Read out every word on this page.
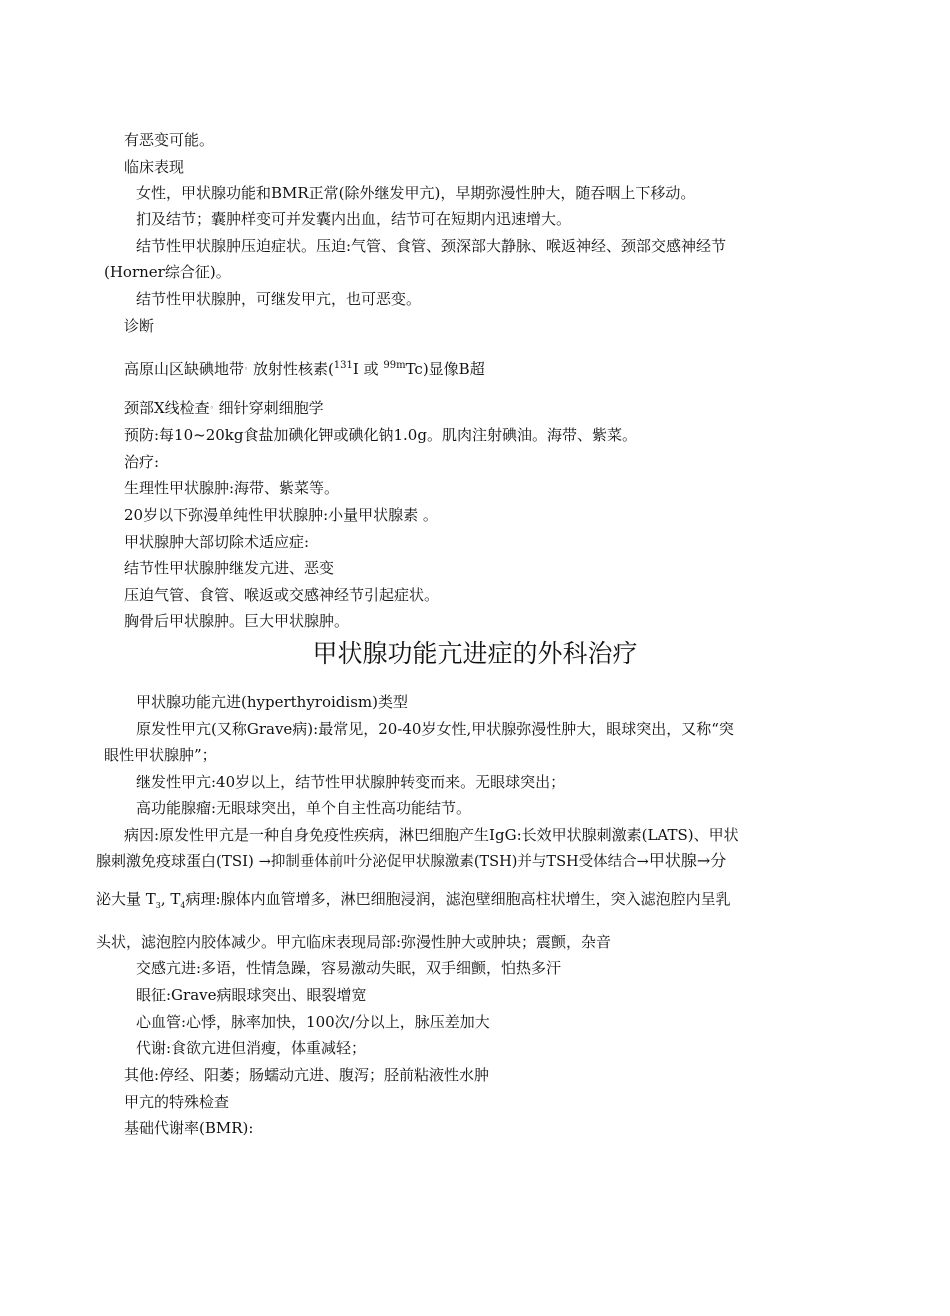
有恶变可能。
临床表现
女性，甲状腺功能和BMR正常(除外继发甲亢)，早期弥漫性肿大，随吞咽上下移动。
扪及结节；囊肿样变可并发囊内出血，结节可在短期内迅速增大。
结节性甲状腺肿压迫症状。压迫:气管、食管、颈深部大静脉、喉返神经、颈部交感神经节
(Horner综合征)。
结节性甲状腺肿，可继发甲亢，也可恶变。
诊断
高原山区缺碘地带◦ 放射性核素($^{131}$I 或 $^{99m}$Tc)显像B超
颈部X线检查◦ 细针穿刺细胞学
预防:每10~20kg食盐加碘化钾或碘化钠1.0g。肌肉注射碘油。海带、紫菜。
治疗:
生理性甲状腺肿:海带、紫菜等。
20岁以下弥漫单纯性甲状腺肿:小量甲状腺素 。
甲状腺肿大部切除术适应症:
结节性甲状腺肿继发亢进、恶变
压迫气管、食管、喉返或交感神经节引起症状。
胸骨后甲状腺肿。巨大甲状腺肿。
甲状腺功能亢进症的外科治疗
甲状腺功能亢进(hyperthyroidism)类型
原发性甲亢(又称Grave病):最常见，20-40岁女性,甲状腺弥漫性肿大，眼球突出，又称“突
眼性甲状腺肿”；
继发性甲亢:40岁以上，结节性甲状腺肿转变而来。无眼球突出；
高功能腺瘤:无眼球突出，单个自主性高功能结节。
病因:原发性甲亢是一种自身免疫性疾病，淋巴细胞产生IgG:长效甲状腺刺激素(LATS)、甲状
腺刺激免疫球蛋白(TSI) →抑制垂体前叶分泌促甲状腺激素(TSH)并与TSH受体结合→甲状腺→分
泌大量 $T_3$, $T_4$病理:腺体内血管增多，淋巴细胞浸润，滤泡壁细胞高柱状增生，突入滤泡腔内呈乳
头状，滤泡腔内胶体减少。甲亢临床表现局部:弥漫性肿大或肿块；震颤，杂音
交感亢进:多语，性情急躁，容易激动失眠，双手细颤，怕热多汗
眼征:Grave病眼球突出、眼裂增宽
心血管:心悸，脉率加快，100次/分以上，脉压差加大
代谢:食欲亢进但消瘦，体重减轻；
其他:停经、阳萎；肠蠕动亢进、腹泻；胫前粘液性水肿
甲亢的特殊检查
基础代谢率(BMR):
